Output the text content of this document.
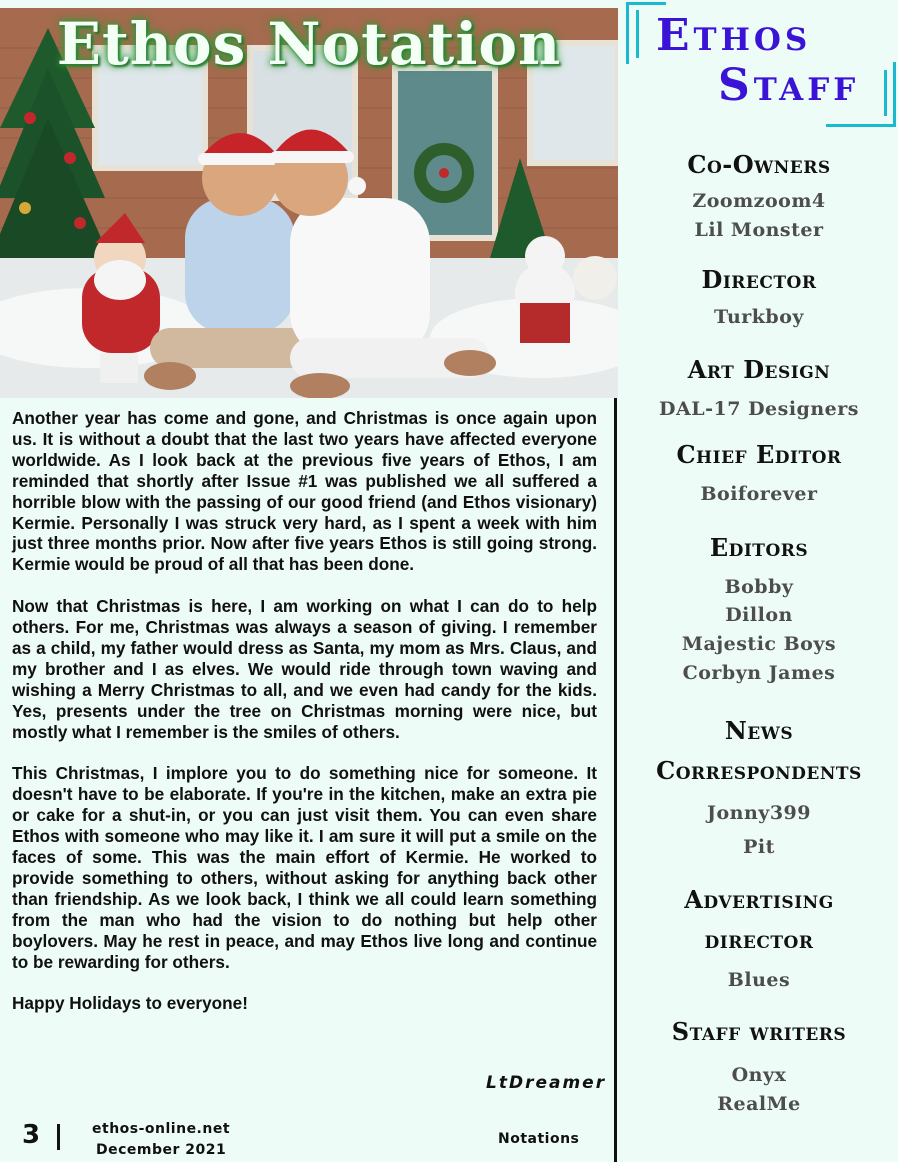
Ethos Notation

Another year has come and gone, and Christmas is once again upon us. It is without a doubt that the last two years have affected everyone worldwide. As I look back at the previous five years of Ethos, I am reminded that shortly after Issue #1 was published we all suffered a horrible blow with the passing of our good friend (and Ethos visionary) Kermie. Personally I was struck very hard, as I spent a week with him just three months prior. Now after five years Ethos is still going strong. Kermie would be proud of all that has been done.

Now that Christmas is here, I am working on what I can do to help others. For me, Christmas was always a season of giving. I remember as a child, my father would dress as Santa, my mom as Mrs. Claus, and my brother and I as elves. We would ride through town waving and wishing a Merry Christmas to all, and we even had candy for the kids. Yes, presents under the tree on Christmas morning were nice, but mostly what I remember is the smiles of others.

This Christmas, I implore you to do something nice for someone. It doesn't have to be elaborate. If you're in the kitchen, make an extra pie or cake for a shut-in, or you can just visit them. You can even share Ethos with someone who may like it. I am sure it will put a smile on the faces of some. This was the main effort of Kermie. He worked to provide something to others, without asking for anything back other than friendship. As we look back, I think we all could learn something from the man who had the vision to do nothing but help other boylovers. May he rest in peace, and may Ethos live long and continue to be rewarding for others.

Happy Holidays to everyone!

LtDreamer
3	ethos-online.net
December 2021
Notations
Ethos
Staff
Co-Owners
Zoomzoom4
Lil Monster
Director
Turkboy
Art Design
DAL-17 Designers
Chief Editor
Boiforever
Editors
Bobby
Dillon
Majestic Boys
Corbyn James
News
Correspondents
Jonny399
Pit
Advertising
director
Blues
Staff writers
Onyx
RealMe
